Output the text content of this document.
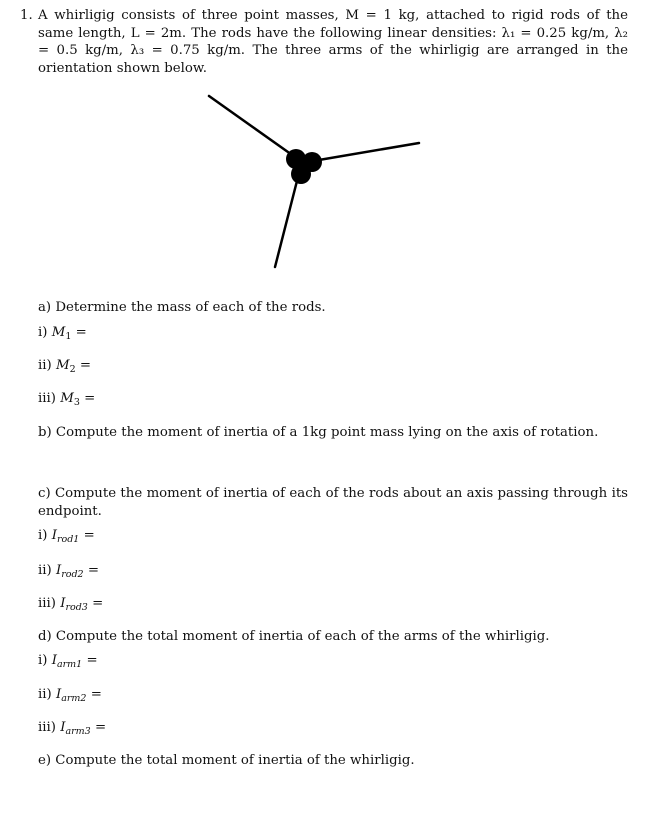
1. A whirligig consists of three point masses, M = 1 kg, attached to rigid rods of the same length, L = 2m. The rods have the following linear densities: λ₁ = 0.25 kg/m, λ₂ = 0.5 kg/m, λ₃ = 0.75 kg/m. The three arms of the whirligig are arranged in the orientation shown below.
a) Determine the mass of each of the rods.
i) $M_1$ =
ii) $M_2$ =
iii) $M_3$ =
b) Compute the moment of inertia of a 1kg point mass lying on the axis of rotation.
c) Compute the moment of inertia of each of the rods about an axis passing through its endpoint.
i) $I_{rod1}$ =
ii) $I_{rod2}$ =
iii) $I_{rod3}$ =
d) Compute the total moment of inertia of each of the arms of the whirligig.
i) $I_{arm1}$ =
ii) $I_{arm2}$ =
iii) $I_{arm3}$ =
e) Compute the total moment of inertia of the whirligig.
